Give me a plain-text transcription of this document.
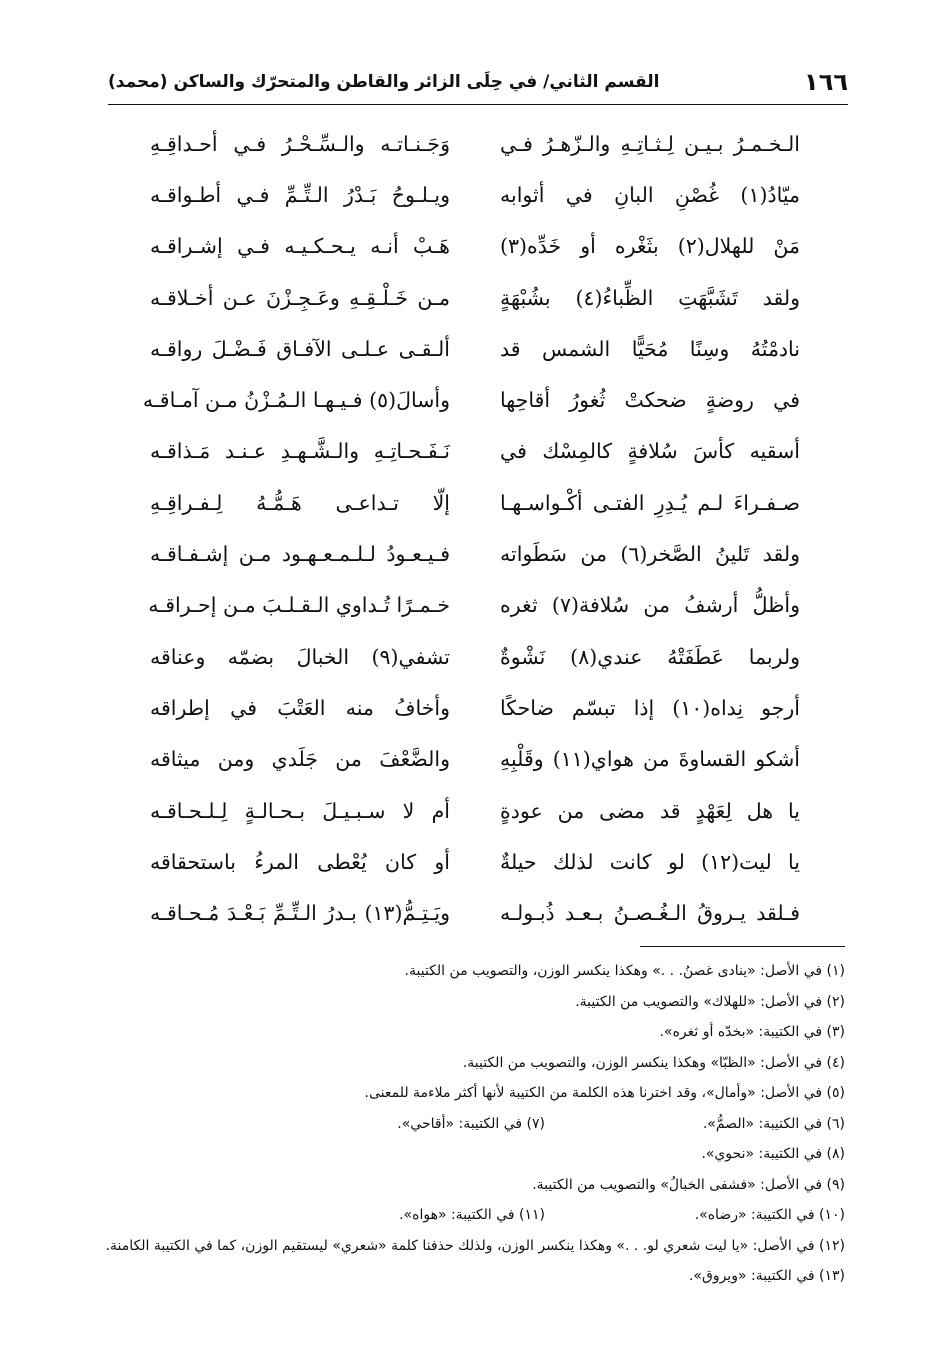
١٦٦
القسم الثاني/ في حِلَى الزائر والقاطن والمتحرّك والساكن (محمد)
الـخـمـرُ بـيـن لِـثـاتِـهِ والـزّهـرُ فـي
وَجَـنـاتـه والـسِّـحْـرُ فـي أحـداقِـهِ
ميّادُ(١) غُصْنِ البانِ في أثوابه
ويـلـوحُ بَـدْرُ الـتِّـمِّ فـي أطـواقـه
مَنْ للهلال(٢) بثَغْره أو خَدِّه(٣)
هَـبْ أنـه يـحـكـيـه فـي إشـراقـه
ولقد تَشَبَّهَتِ الظِّباءُ(٤) بشُبْهَةٍ
مـن خَـلْـقِـهِ وعَـجِـزْنَ عـن أخـلاقـه
نادمْتُهُ وسِنًا مُحَيًّا الشمس قد
ألـقـى عـلـى الآفـاق فَـضْـلَ رواقـه
في روضةٍ ضحكتْ ثُغورُ أقاحِها
وأسالَ(٥) فـيـهـا الـمُـزْنُ مـن آمـاقـه
أسقيه كأسَ سُلافةٍ كالمِسْك في
نَـفَـحـاتِـهِ والـشَّـهـدِ عـنـد مَـذاقـه
صـفـراءَ لـم يُـدِرِ الفتـى أكْـواسـهـا
إلّا تـداعـى هَـمُّـهُ لِـفـراقِـهِ
ولقد تَلينُ الصَّخر(٦) من سَطَواته
فـيـعـودُ لـلـمـعـهـود مـن إشـفـاقـه
وأظلُّ أرشفُ من سُلافة(٧) ثغره
خـمـرًا تُـداوي الـقـلـبَ مـن إحـراقـه
ولربما عَطَفَتْهُ عندي(٨) نَشْوةٌ
تشفي(٩) الخبالَ بضمّه وعناقه
أرجو نِداه(١٠) إذا تبسّم ضاحكًا
وأخافُ منه العَتْبَ في إطراقه
أشكو القساوةَ من هواي(١١) وقَلْبِهِ
والضَّعْفَ من جَلَدي ومن ميثاقه
يا هل لِعَهْدٍ قد مضى من عودةٍ
أم لا سـبـيـلَ بـحـالـةٍ لِـلـحـاقـه
يا ليت(١٢) لو كانت لذلك حيلةٌ
أو كان يُعْطى المرءُ باستحقاقه
فـلقد يـروقُ الـغُـصـنُ بـعـد ذُبـولـه
ويَـتِـمُّ(١٣) بـدرُ الـتِّـمِّ بَـعْـدَ مُـحـاقـه
(١) في الأصل: «ينادى غصنُ. . .» وهكذا ينكسر الوزن، والتصويب من الكتيبة.
(٢) في الأصل: «للهلاك» والتصويب من الكتيبة.
(٣) في الكتيبة: «بخدّه أو ثغره».
(٤) في الأصل: «الظبّا» وهكذا ينكسر الوزن، والتصويب من الكتيبة.
(٥) في الأصل: «وأمال»، وقد اخترنا هذه الكلمة من الكتيبة لأنها أكثر ملاءمة للمعنى.
(٦) في الكتيبة: «الصمُّ».
(٧) في الكتيبة: «أقاحي».
(٨) في الكتيبة: «نحوي».
(٩) في الأصل: «فشفى الخبالُ» والتصويب من الكتيبة.
(١٠) في الكتيبة: «رضاه».
(١١) في الكتيبة: «هواه».
(١٢) في الأصل: «يا ليت شعري لو. . .» وهكذا ينكسر الوزن، ولذلك حذفنا كلمة «شعري» ليستقيم الوزن، كما في الكتيبة الكامنة.
(١٣) في الكتيبة: «ويروق».
